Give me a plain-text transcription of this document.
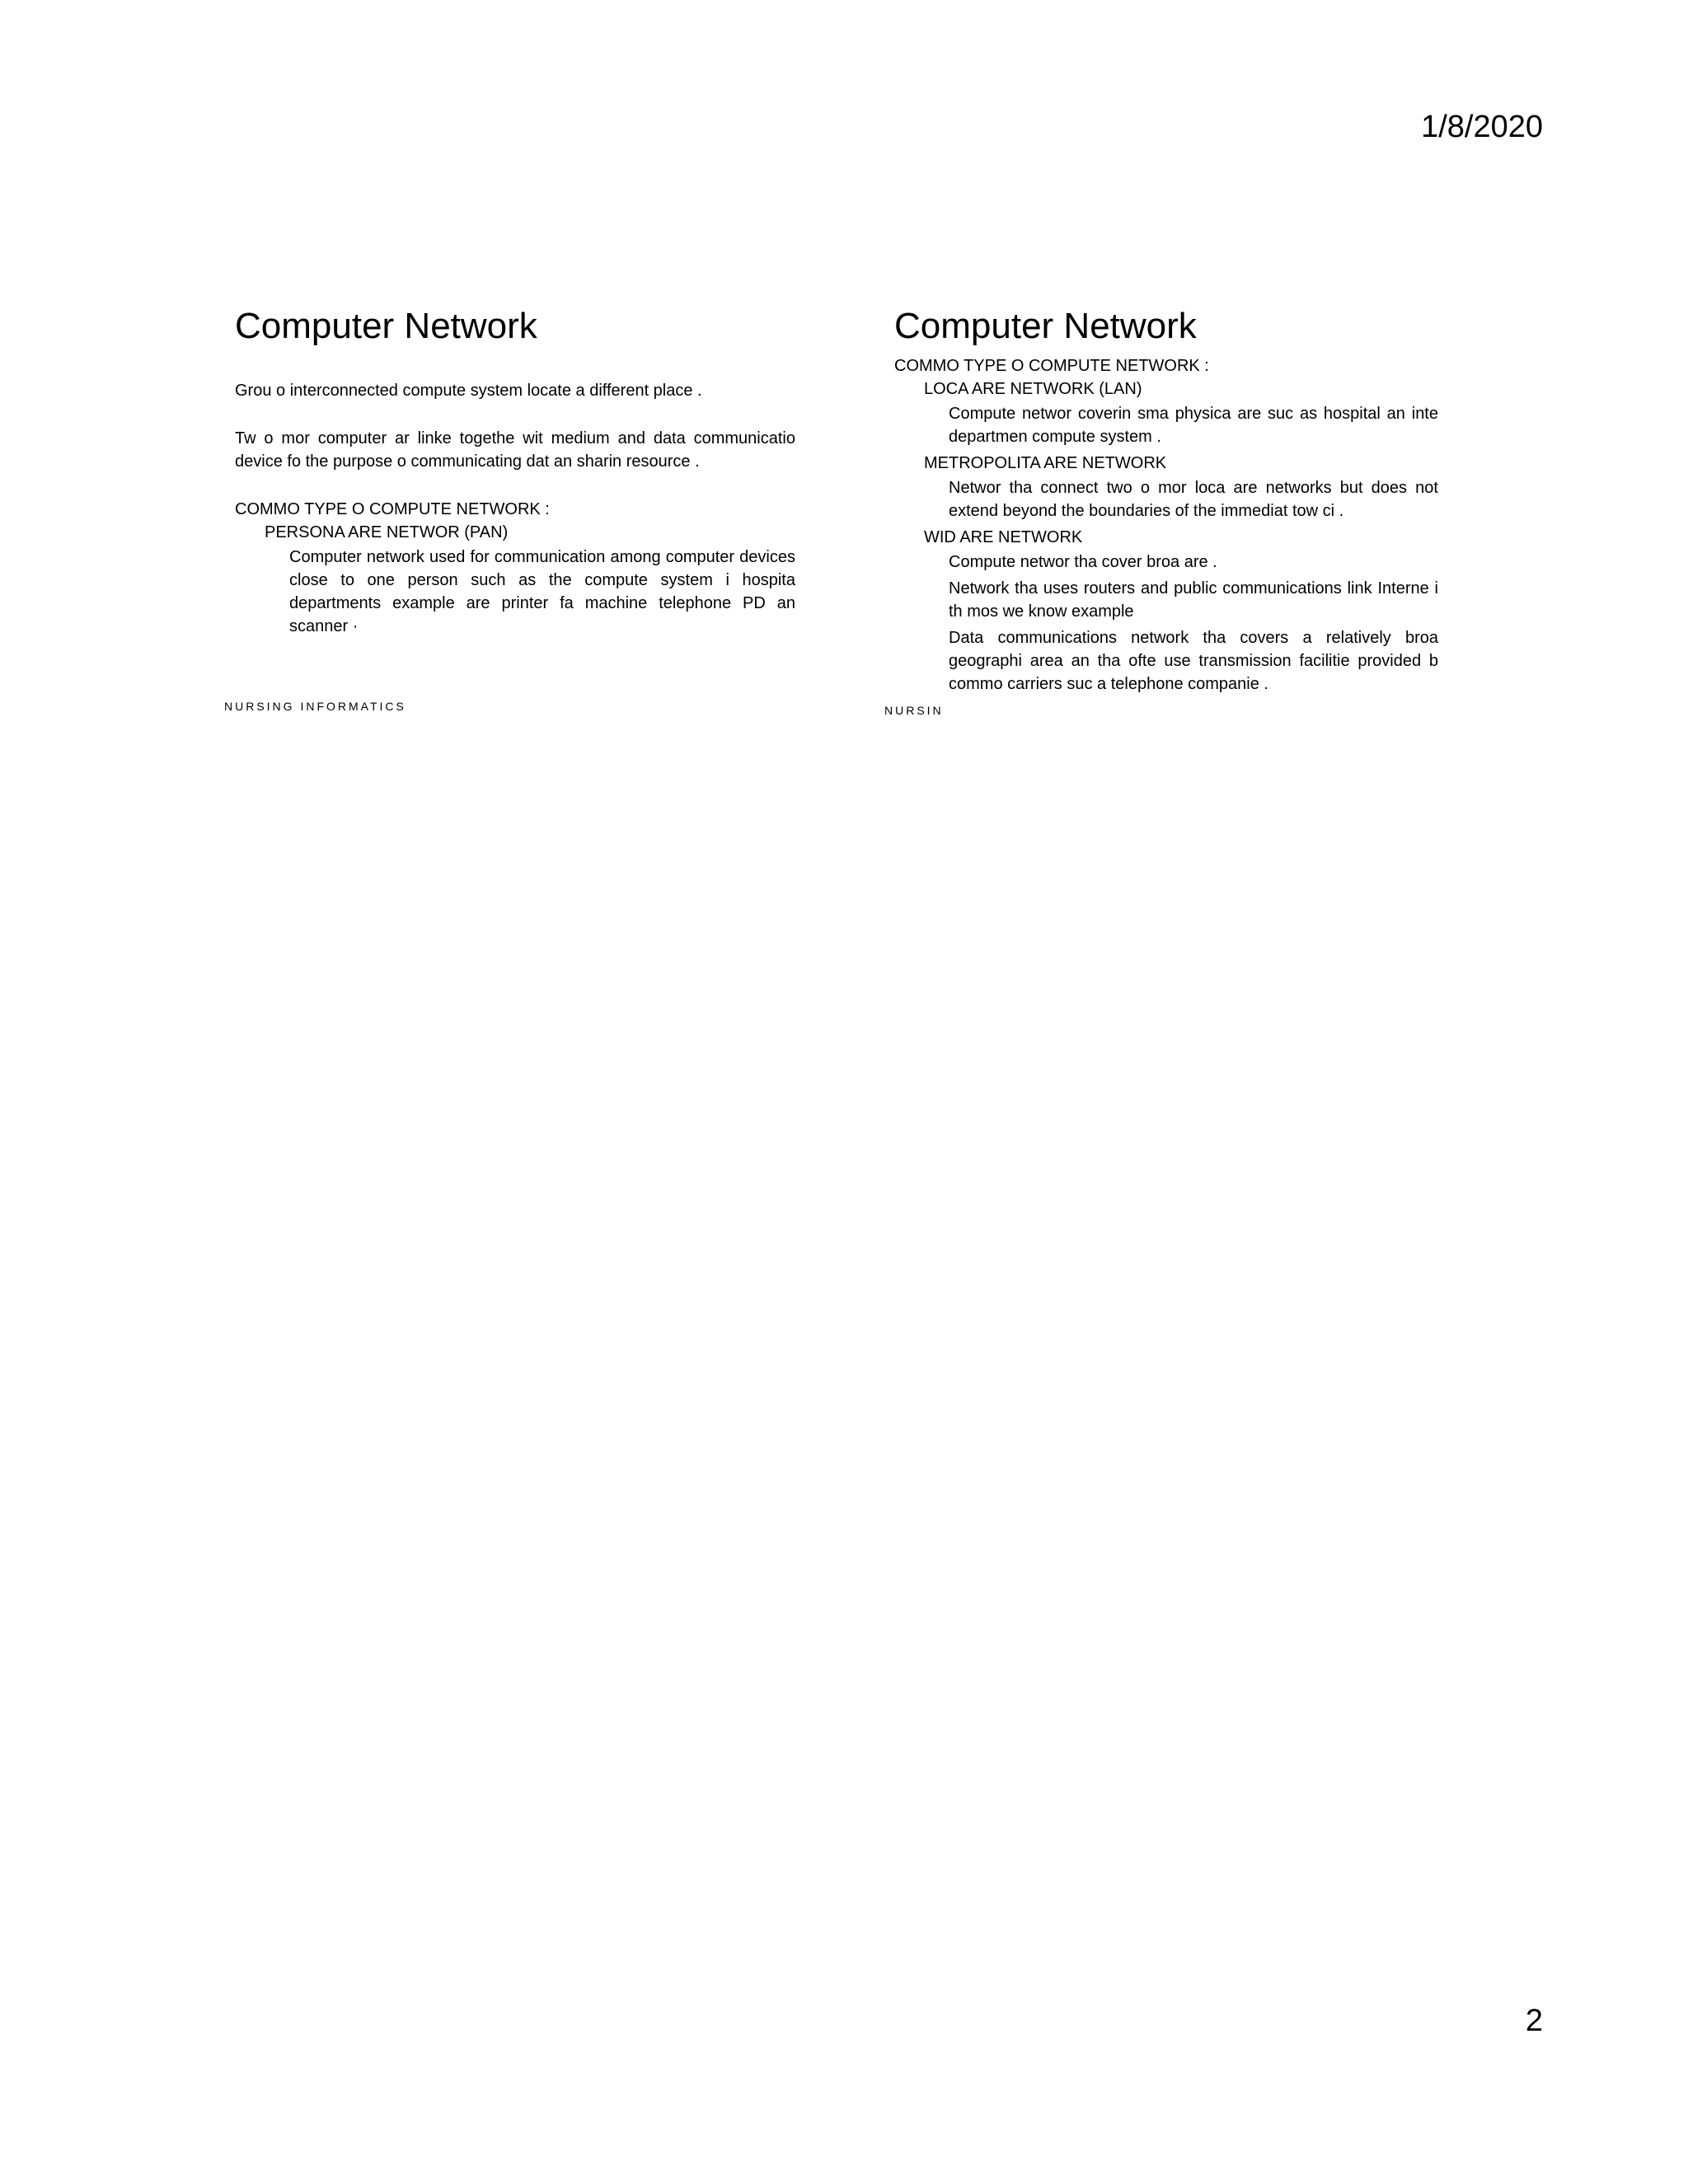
1/8/2020
Computer Network

Grou o interconnected compute system locate a different place .

Tw o mor computer ar linke togethe wit medium and data communicatio device fo the purpose o communicating dat an sharin resource .

COMMO TYPE O COMPUTE NETWORK :

PERSONA ARE NETWOR (PAN)

Computer network used for communication among computer devices close to one person such as the compute system i hospita departments example are printer fa machine telephone PD an scanner ·

NURSING INFORMATICS
Computer Network

COMMO TYPE O COMPUTE NETWORK :

LOCA ARE NETWORK (LAN)

Compute networ coverin sma physica are suc as hospital an inte departmen compute system .

METROPOLITA ARE NETWORK

Networ tha connect two o mor loca are networks but does not extend beyond the boundaries of the immediat tow ci .

WID ARE NETWORK

Compute networ tha cover broa are .

Network tha uses routers and public communications link Interne i th mos we know example

Data communications network tha covers a relatively broa geographi area an tha ofte use transmission facilitie provided b commo carriers suc a telephone companie .

NURSIN
2
